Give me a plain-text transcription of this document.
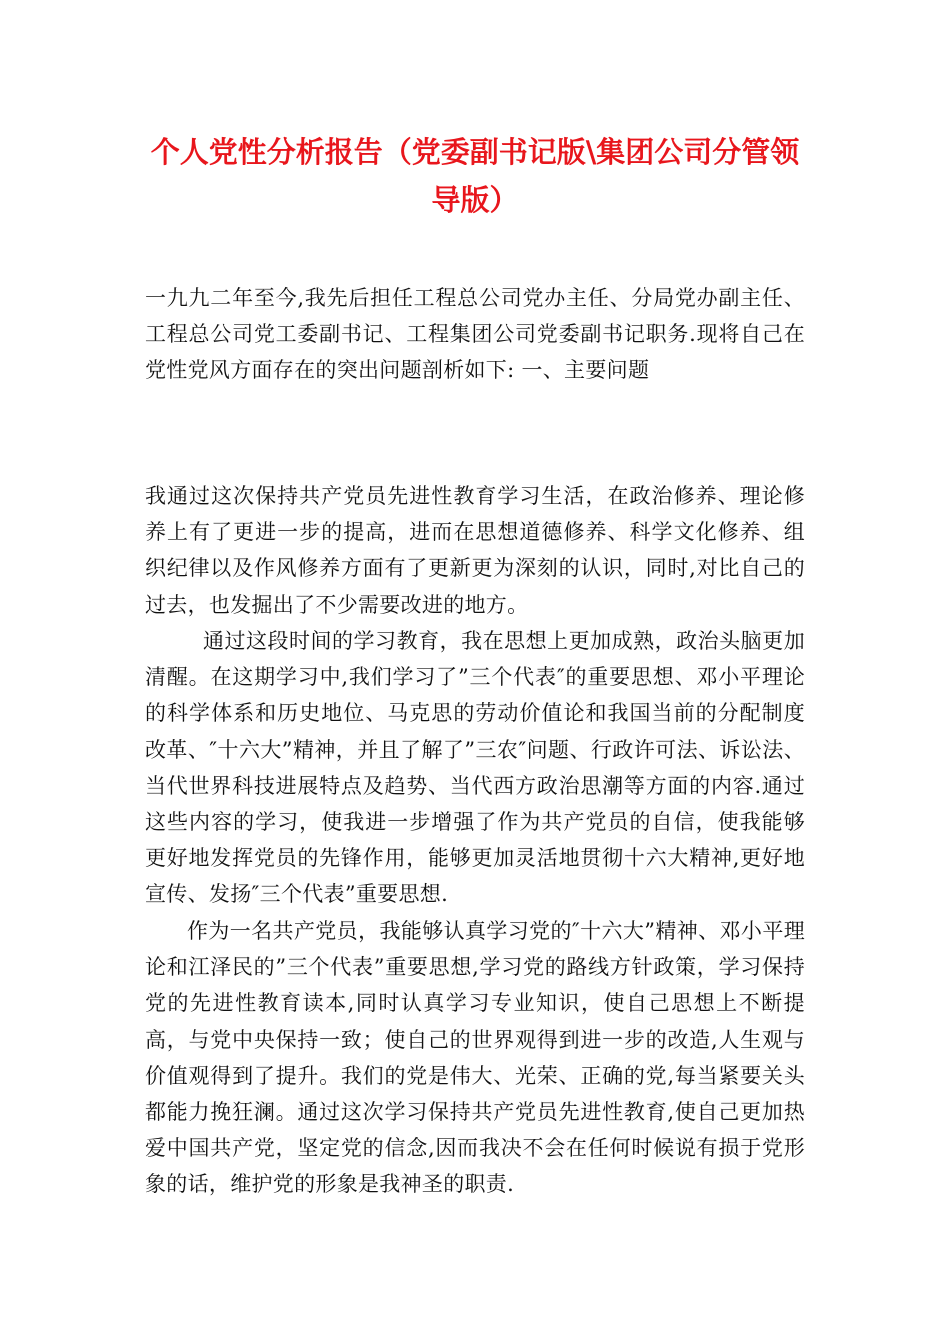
个人党性分析报告（党委副书记版\集团公司分管领导版）
一九九二年至今,我先后担任工程总公司党办主任、分局党办副主任、工程总公司党工委副书记、工程集团公司党委副书记职务.现将自己在党性党风方面存在的突出问题剖析如下: 一、主要问题
我通过这次保持共产党员先进性教育学习生活，在政治修养、理论修养上有了更进一步的提高，进而在思想道德修养、科学文化修养、组织纪律以及作风修养方面有了更新更为深刻的认识，同时,对比自己的过去，也发掘出了不少需要改进的地方。
通过这段时间的学习教育，我在思想上更加成熟，政治头脑更加清醒。在这期学习中,我们学习了”三个代表″的重要思想、邓小平理论的科学体系和历史地位、马克思的劳动价值论和我国当前的分配制度改革、″十六大”精神，并且了解了”三农″问题、行政许可法、诉讼法、当代世界科技进展特点及趋势、当代西方政治思潮等方面的内容.通过这些内容的学习，使我进一步增强了作为共产党员的自信，使我能够更好地发挥党员的先锋作用，能够更加灵活地贯彻十六大精神,更好地宣传、发扬″三个代表”重要思想.
作为一名共产党员，我能够认真学习党的″十六大”精神、邓小平理论和江泽民的”三个代表”重要思想,学习党的路线方针政策，学习保持党的先进性教育读本,同时认真学习专业知识，使自己思想上不断提高，与党中央保持一致；使自己的世界观得到进一步的改造,人生观与价值观得到了提升。我们的党是伟大、光荣、正确的党,每当紧要关头都能力挽狂澜。通过这次学习保持共产党员先进性教育,使自己更加热爱中国共产党，坚定党的信念,因而我决不会在任何时候说有损于党形象的话，维护党的形象是我神圣的职责.
